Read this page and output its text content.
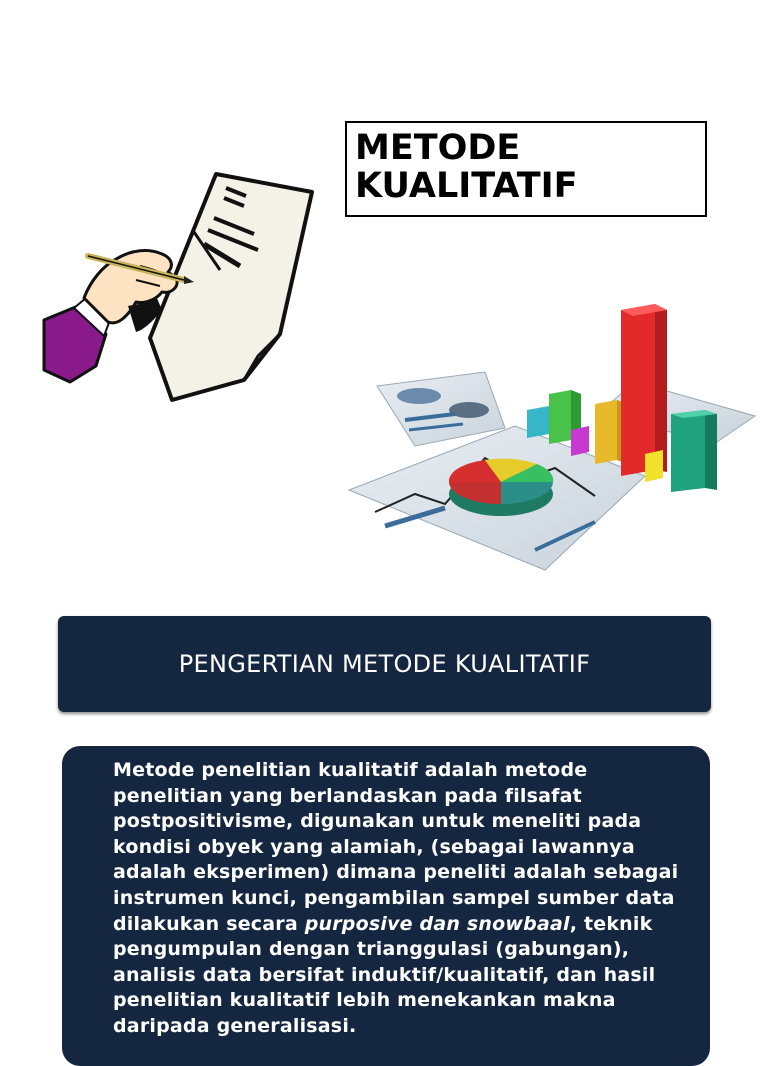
METODE
KUALITATIF
PENGERTIAN METODE KUALITATIF

Metode penelitian kualitatif adalah metode penelitian yang berlandaskan pada filsafat postpositivisme, digunakan untuk meneliti pada kondisi obyek yang alamiah, (sebagai lawannya adalah eksperimen) dimana peneliti adalah sebagai instrumen kunci, pengambilan sampel sumber data dilakukan secara purposive dan snowbaal, teknik pengumpulan dengan trianggulasi (gabungan), analisis data bersifat induktif/kualitatif, dan hasil penelitian kualitatif lebih menekankan makna daripada generalisasi.
